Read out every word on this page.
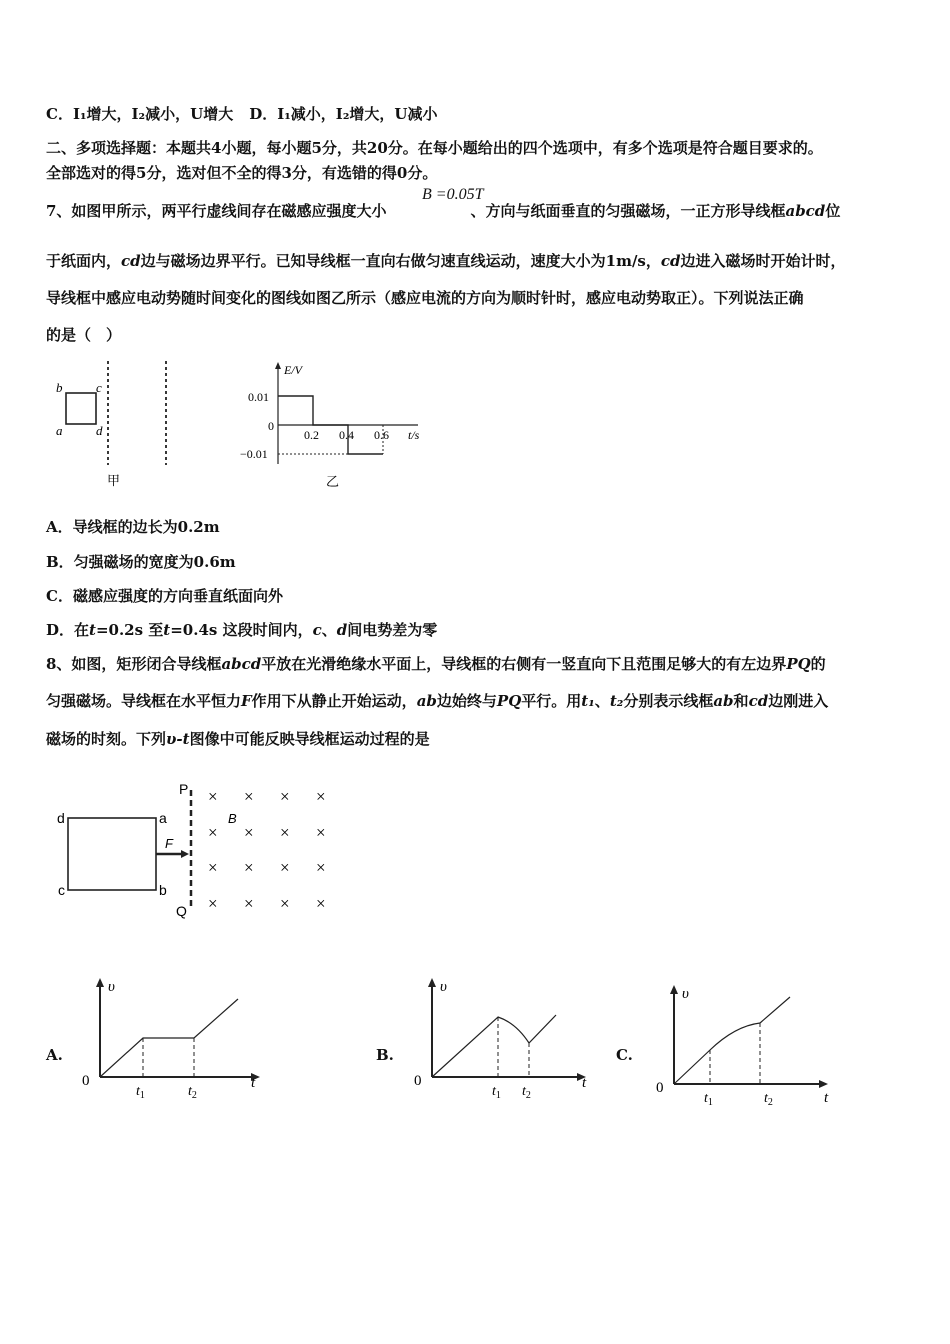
C．I₁增大，I₂减小，U增大 D．I₁减小，I₂增大，U减小
二、多项选择题：本题共4小题，每小题5分，共20分。在每小题给出的四个选项中，有多个选项是符合题目要求的。
全部选对的得5分，选对但不全的得3分，有选错的得0分。
7、如图甲所示，两平行虚线间存在磁感应强度大小	、方向与纸面垂直的匀强磁场，一正方形导线框abcd位
B =0.05T
于纸面内，cd边与磁场边界平行。已知导线框一直向右做匀速直线运动，速度大小为1m/s，cd边进入磁场时开始计时，
导线框中感应电动势随时间变化的图线如图乙所示（感应电流的方向为顺时针时，感应电动势取正）。下列说法正确
的是（　）
b	c
a	d
甲
E/V
t/s
0.01
0
−0.01
0.2 0.4 0.6
乙
A．导线框的边长为0.2m
B．匀强磁场的宽度为0.6m
C．磁感应强度的方向垂直纸面向外
D．在t=0.2s 至t=0.4s 这段时间内，c、d间电势差为零
8、如图，矩形闭合导线框abcd平放在光滑绝缘水平面上，导线框的右侧有一竖直向下且范围足够大的有左边界PQ的
匀强磁场。导线框在水平恒力F作用下从静止开始运动，ab边始终与PQ平行。用t₁、t₂分别表示线框ab和cd边刚进入
磁场的时刻。下列υ-t图像中可能反映导线框运动过程的是
F
d	a
c	b
P
Q
B
× × × ×
× × × ×
× × × ×
× × × ×
A.
υ
t
0
$t_1$	$t_2$
B.
υ
t
0
$t_1$ $t_2$
C.
υ
t
0
$t_1$	$t_2$
